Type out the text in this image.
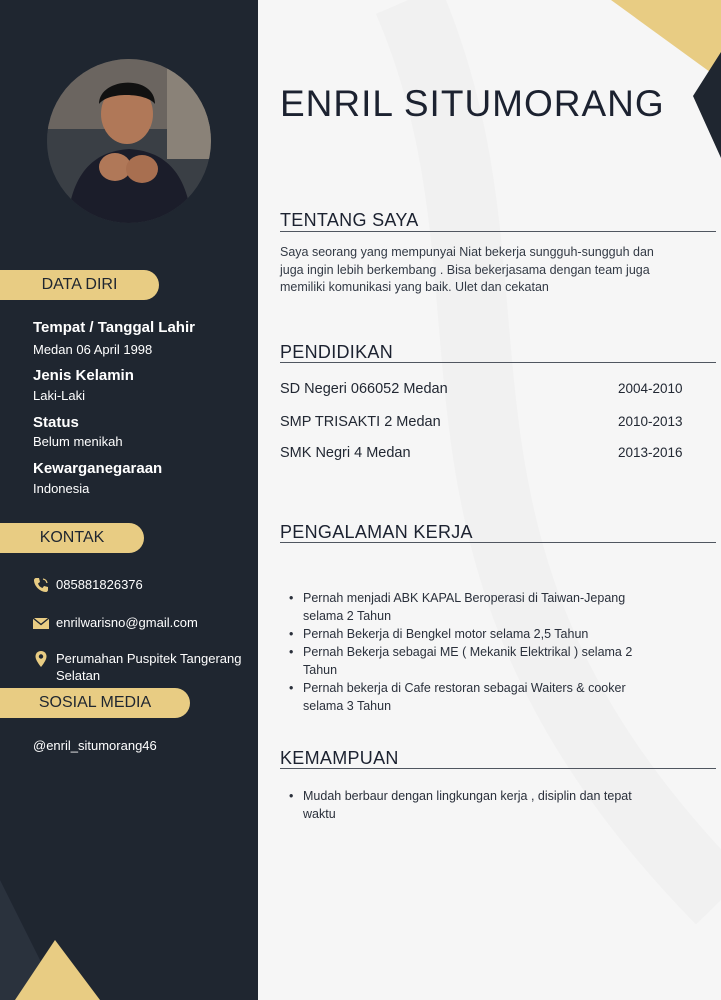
DATA DIRI
Tempat / Tanggal Lahir
Medan 06 April 1998
Jenis Kelamin
Laki-Laki
Status
Belum menikah
Kewarganegaraan
Indonesia
KONTAK
085881826376
enrilwarisno@gmail.com
Perumahan Puspitek Tangerang
Selatan
SOSIAL MEDIA
@enril_situmorang46
ENRIL SITUMORANG
TENTANG SAYA
Saya seorang yang mempunyai Niat bekerja sungguh-sungguh dan
juga ingin lebih berkembang . Bisa bekerjasama dengan team juga
memiliki komunikasi yang baik. Ulet dan cekatan
PENDIDIKAN
SD Negeri 066052 Medan	2004-2010
SMP TRISAKTI 2 Medan	2010-2013
SMK Negri 4 Medan	2013-2016
PENGALAMAN KERJA
• Pernah menjadi ABK KAPAL Beroperasi di Taiwan-Jepang
selama 2 Tahun
• Pernah Bekerja di Bengkel motor selama 2,5 Tahun
• Pernah Bekerja sebagai ME ( Mekanik Elektrikal ) selama 2
Tahun
• Pernah bekerja di Cafe restoran sebagai Waiters & cooker
selama 3 Tahun
KEMAMPUAN
• Mudah berbaur dengan lingkungan kerja , disiplin dan tepat
waktu
